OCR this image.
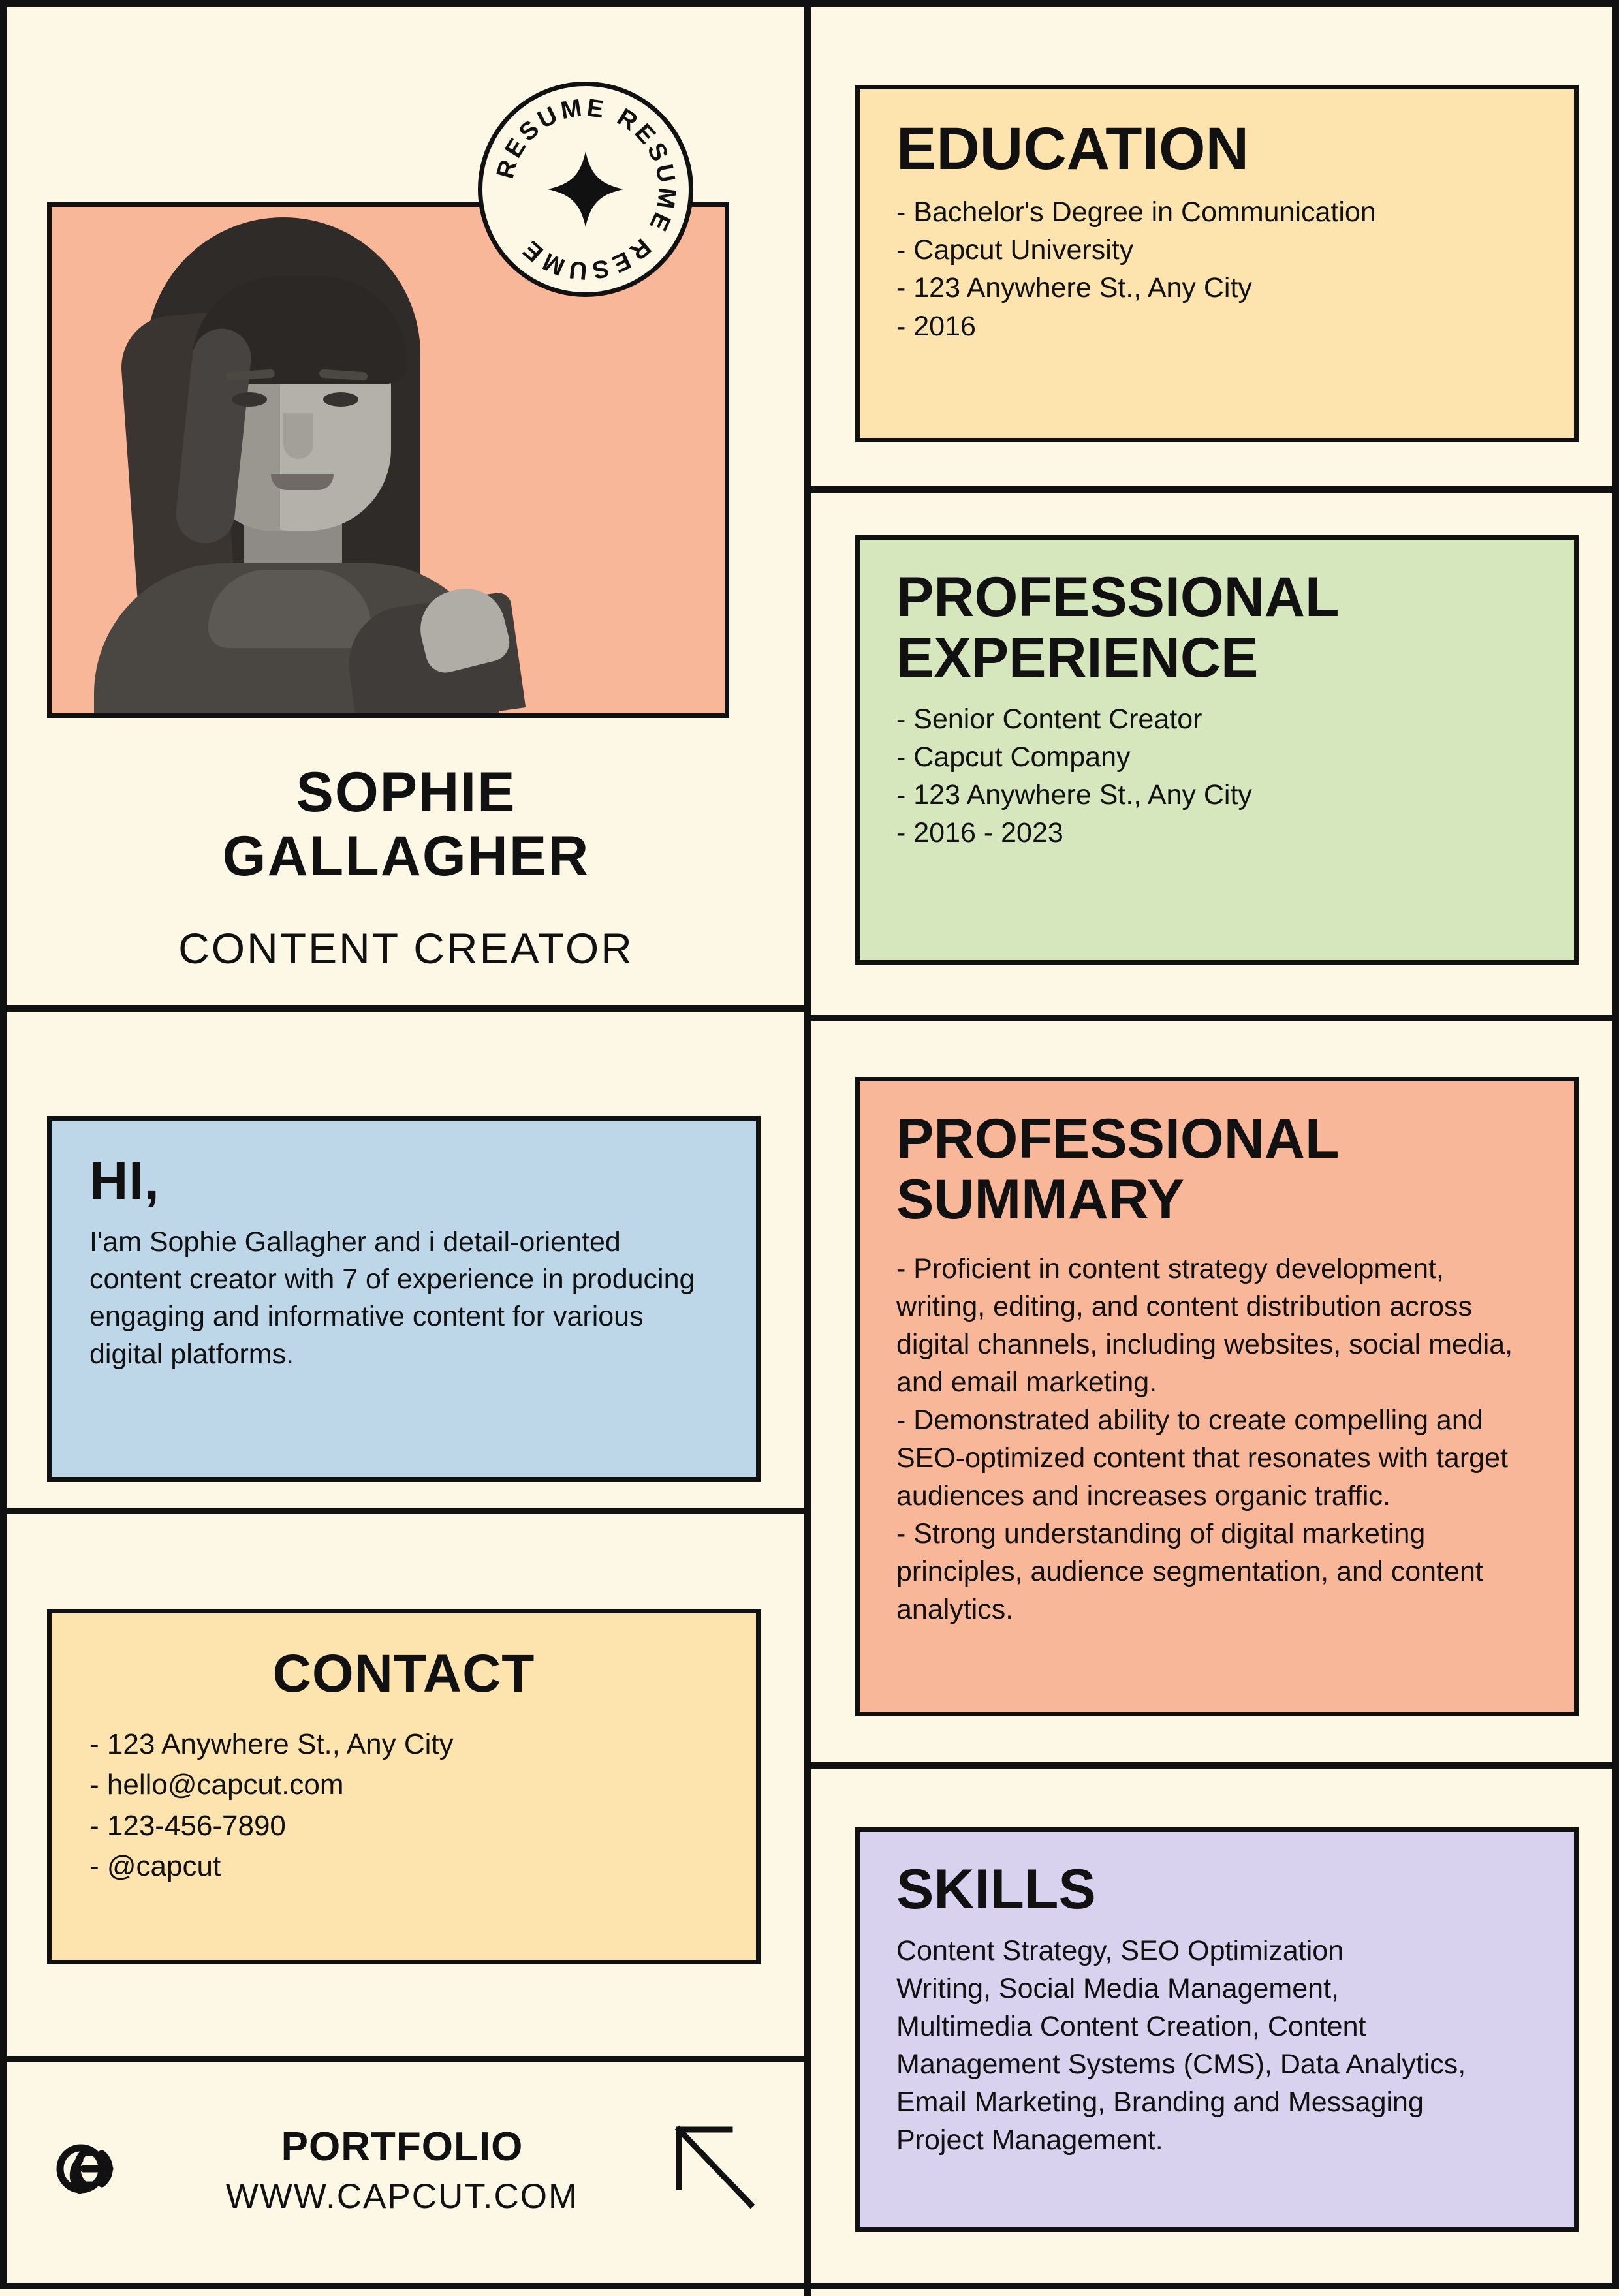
RESUME RESUME RESUME
SOPHIE
GALLAGHER
CONTENT CREATOR
HI,
I'am Sophie Gallagher and i detail-oriented content creator with 7 of experience in producing engaging and informative content for various digital platforms.
CONTACT
- 123 Anywhere St., Any City
- hello@capcut.com
- 123-456-7890
- @capcut
PORTFOLIO
WWW.CAPCUT.COM
EDUCATION
- Bachelor's Degree in Communication
- Capcut University
- 123 Anywhere St., Any City
- 2016
PROFESSIONAL
EXPERIENCE
- Senior Content Creator
- Capcut Company
- 123 Anywhere St., Any City
- 2016 - 2023
PROFESSIONAL
SUMMARY
- Proficient in content strategy development, writing, editing, and content distribution across digital channels, including websites, social media, and email marketing.
- Demonstrated ability to create compelling and SEO-optimized content that resonates with target audiences and increases organic traffic.
- Strong understanding of digital marketing principles, audience segmentation, and content analytics.
SKILLS
Content Strategy, SEO Optimization
Writing, Social Media Management,
Multimedia Content Creation, Content
Management Systems (CMS), Data Analytics,
Email Marketing, Branding and Messaging
Project Management.
